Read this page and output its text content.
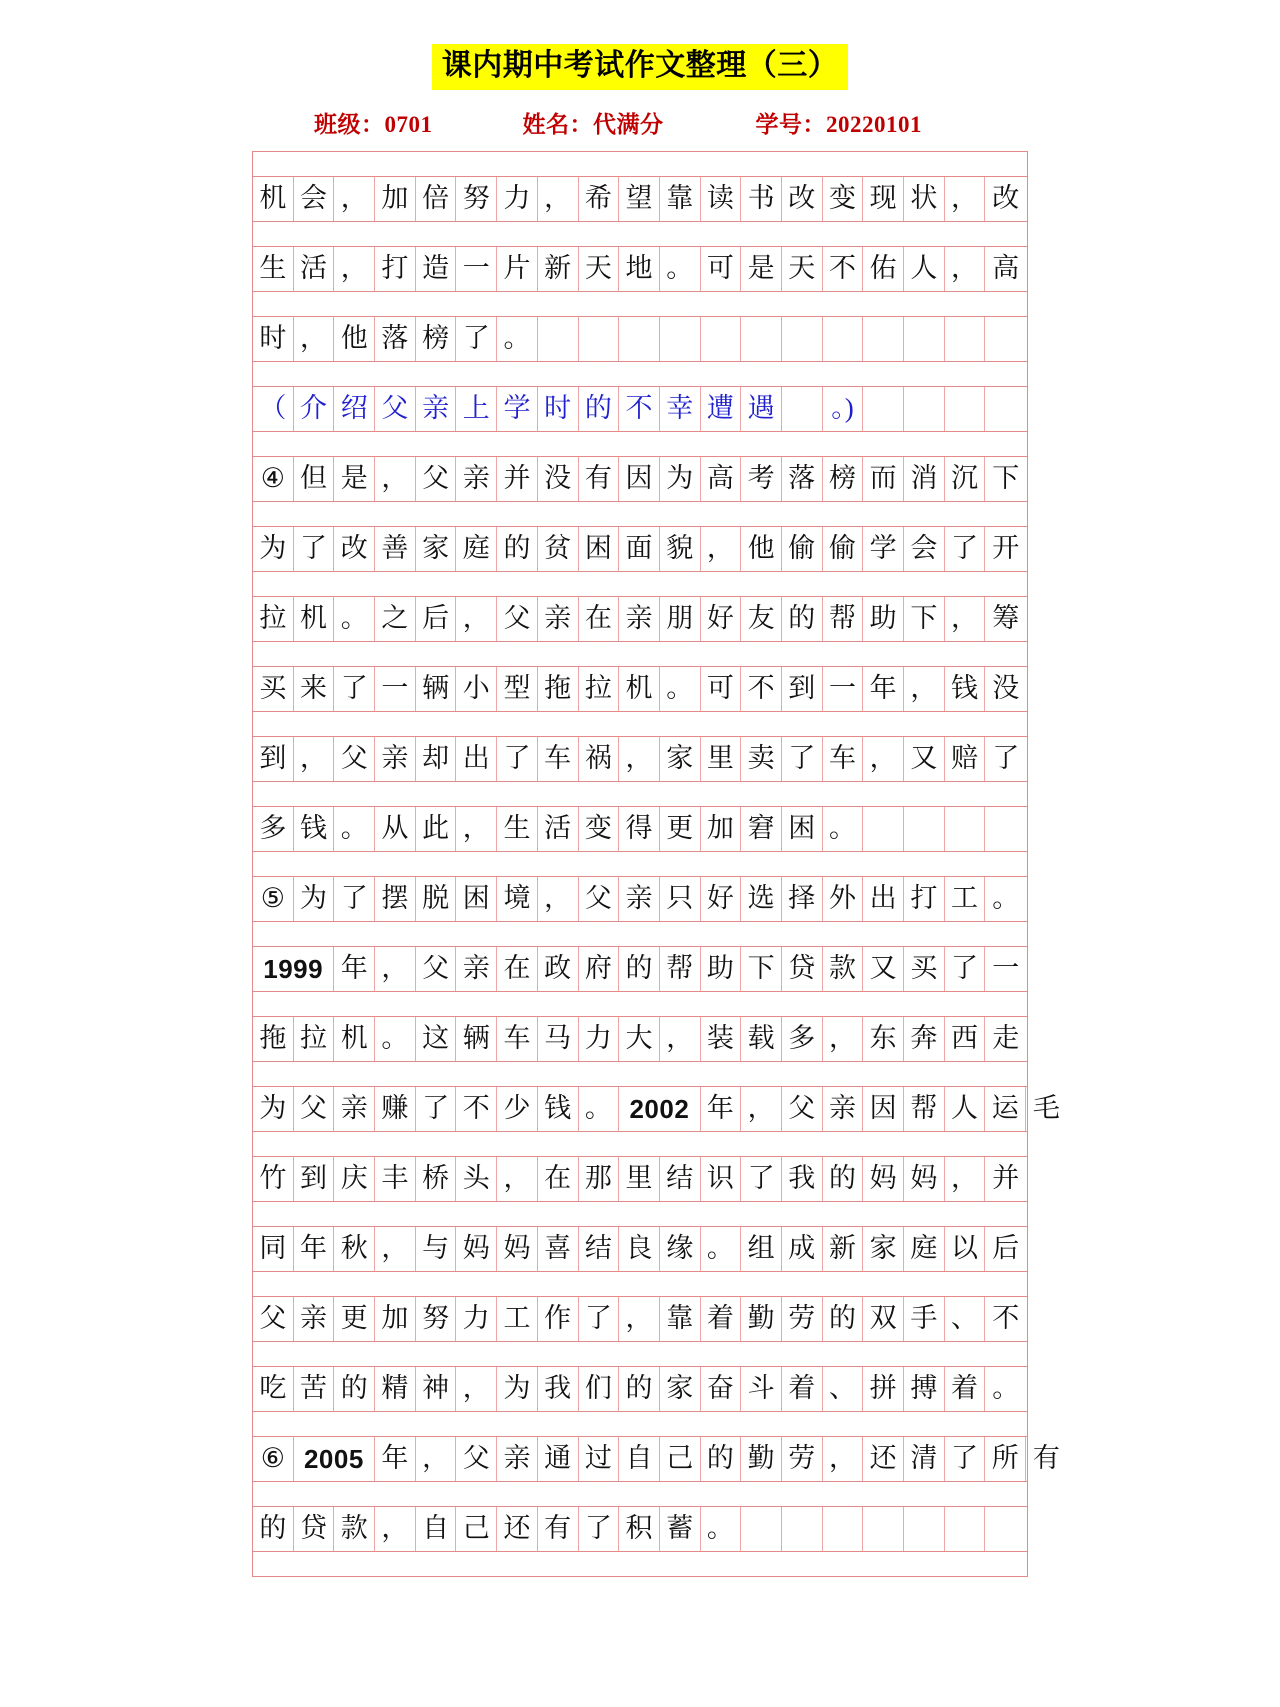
课内期中考试作文整理（三）
班级：0701	姓名：代满分	学号：20220101
机 会 ， 加 倍 努 力 ， 希 望 靠 读 书 改 变 现 状 ， 改
生 活 ， 打 造 一 片 新 天 地 。 可 是 天 不 佑 人 ， 高
时 ， 他 落 榜 了 。
（ 介 绍 父 亲 上 学 时 的 不 幸 遭 遇	。)
④ 但 是 ， 父 亲 并 没 有 因 为 高 考 落 榜 而 消 沉 下
为 了 改 善 家 庭 的 贫 困 面 貌 ， 他 偷 偷 学 会 了 开
拉 机 。 之 后 ， 父 亲 在 亲 朋 好 友 的 帮 助 下 ， 筹
买 来 了 一 辆 小 型 拖 拉 机 。 可 不 到 一 年 ， 钱 没
到 ， 父 亲 却 出 了 车 祸 ， 家 里 卖 了 车 ， 又 赔 了
多 钱 。 从 此 ， 生 活 变 得 更 加 窘 困 。
⑤ 为 了 摆 脱 困 境 ， 父 亲 只 好 选 择 外 出 打 工 。
1999 年 ， 父 亲 在 政 府 的 帮 助 下 贷 款 又 买 了 一
拖 拉 机 。 这 辆 车 马 力 大 ， 装 载 多 ， 东 奔 西 走
为 父 亲 赚 了 不 少 钱 。 2002 年 ， 父 亲 因 帮 人 运 毛
竹 到 庆 丰 桥 头 ， 在 那 里 结 识 了 我 的 妈 妈 ， 并
同 年 秋 ， 与 妈 妈 喜 结 良 缘 。 组 成 新 家 庭 以 后
父 亲 更 加 努 力 工 作 了 ， 靠 着 勤 劳 的 双 手 、 不
吃 苦 的 精 神 ， 为 我 们 的 家 奋 斗 着 、 拼 搏 着 。
⑥ 2005 年 ， 父 亲 通 过 自 己 的 勤 劳 ， 还 清 了 所 有
的 贷 款 ， 自 己 还 有 了 积 蓄 。
